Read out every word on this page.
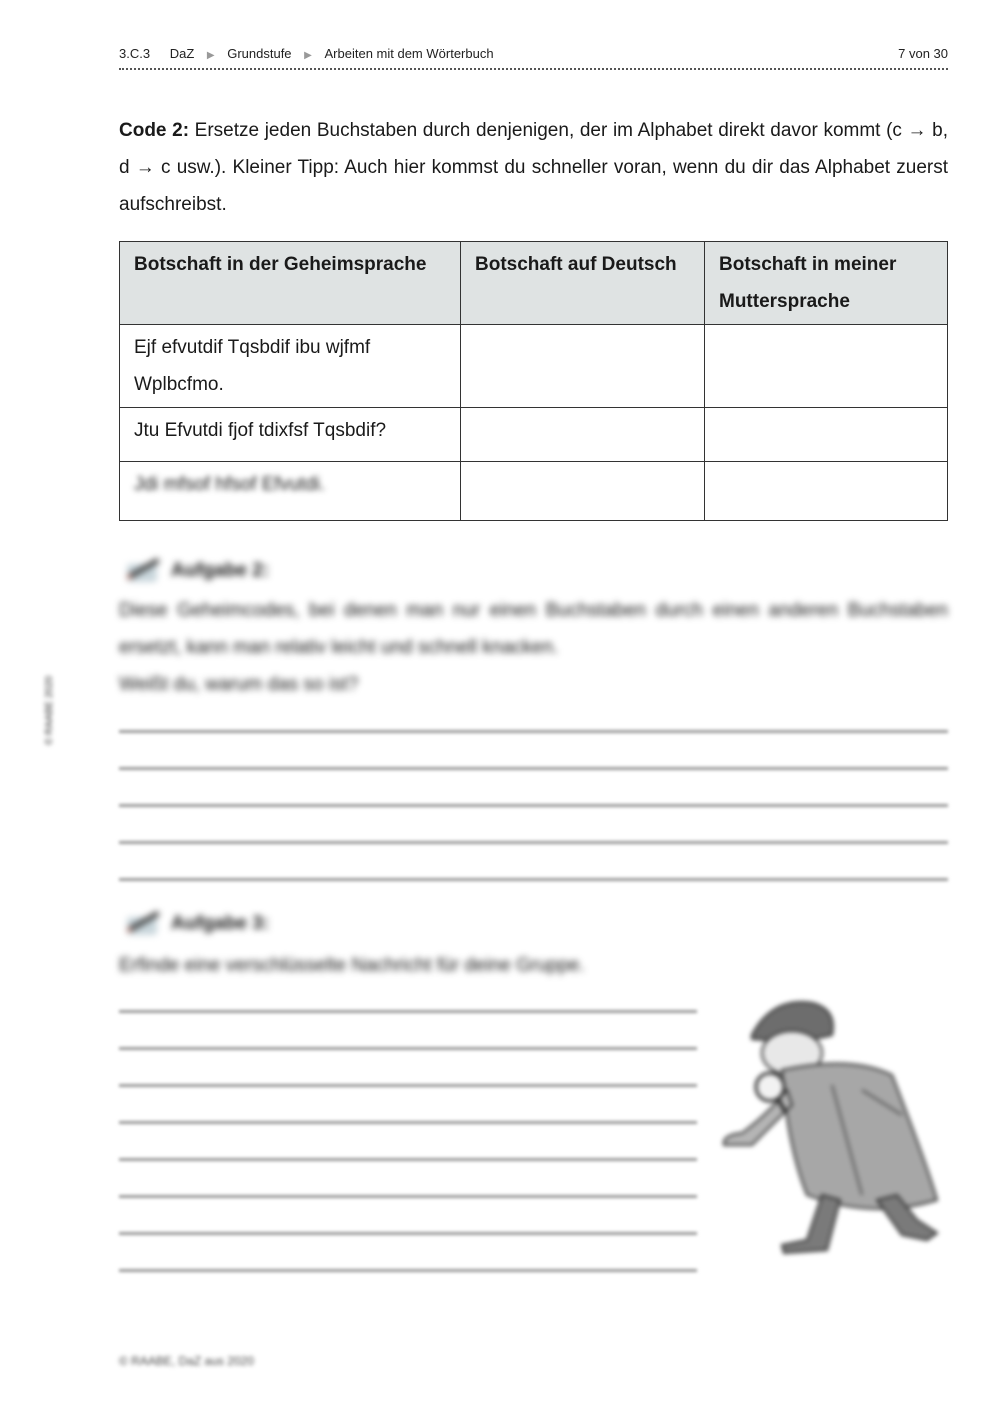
3.C.3 DaZ ▶ Grundstufe ▶ Arbeiten mit dem Wörterbuch	7 von 30
© RAABE 2020

Code 2: Ersetze jeden Buchstaben durch denjenigen, der im Alphabet direkt davor kommt (c → b, d → c usw.). Kleiner Tipp: Auch hier kommst du schneller voran, wenn du dir das Alphabet zuerst aufschreibst.

Botschaft in der Geheimsprache	Botschaft auf Deutsch	Botschaft in meiner Muttersprache
Ejf efvutdif Tqsbdif ibu wjfmf Wplbcfmo.		
Jtu Efvutdi fjof tdixfsf Tqsbdif?		
Jdi mfsof hfsof Efvutdi.		
Aufgabe 2:

Diese Geheimcodes, bei denen man nur einen Buchstaben durch einen anderen Buchstaben ersetzt, kann man relativ leicht und schnell knacken.
Weißt du, warum das so ist?

Aufgabe 3:

Erfinde eine verschlüsselte Nachricht für deine Gruppe.

© RAABE, DaZ aus 2020
